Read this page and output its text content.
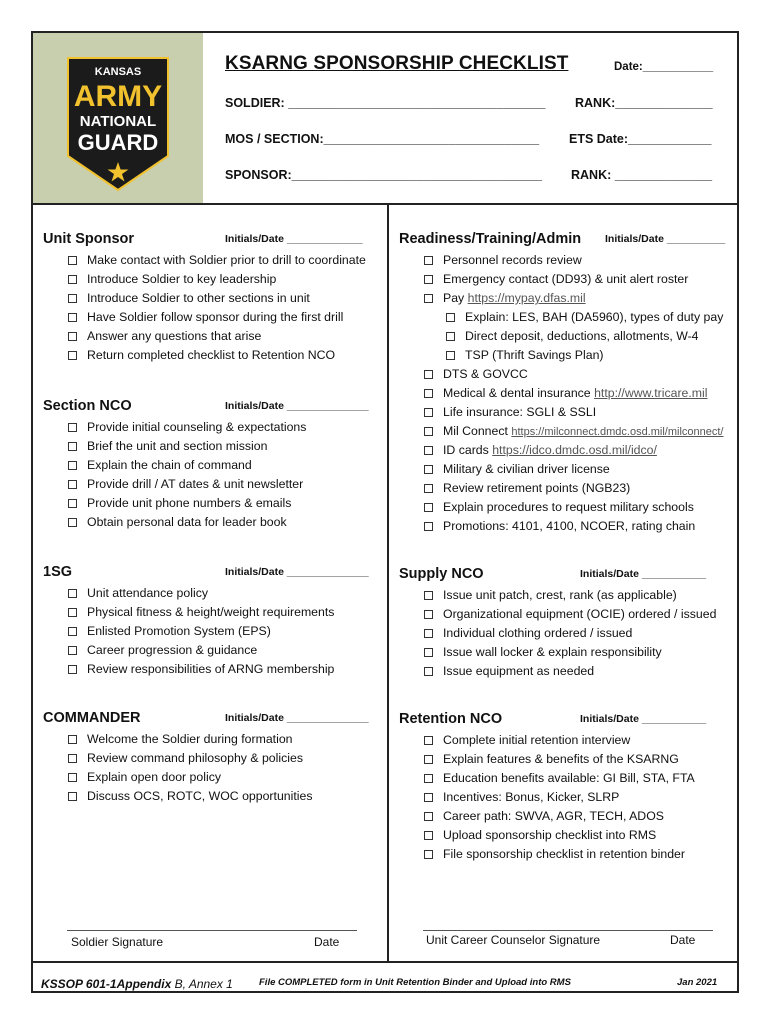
KANSAS
ARMY
NATIONAL
GUARD
KSARNG SPONSORSHIP CHECKLIST	Date:___________
SOLDIER: _____________________________________ RANK:______________
MOS / SECTION:_______________________________ ETS Date:____________
SPONSOR:____________________________________ RANK: ______________
Unit Sponsor	Initials/Date _____________
Make contact with Soldier prior to drill to coordinate
Introduce Soldier to key leadership
Introduce Soldier to other sections in unit
Have Soldier follow sponsor during the first drill
Answer any questions that arise
Return completed checklist to Retention NCO
Section NCO	Initials/Date ______________
Provide initial counseling & expectations
Brief the unit and section mission
Explain the chain of command
Provide drill / AT dates & unit newsletter
Provide unit phone numbers & emails
Obtain personal data for leader book
1SG	Initials/Date ______________
Unit attendance policy
Physical fitness & height/weight requirements
Enlisted Promotion System (EPS)
Career progression & guidance
Review responsibilities of ARNG membership
COMMANDER	Initials/Date ______________
Welcome the Soldier during formation
Review command philosophy & policies
Explain open door policy
Discuss OCS, ROTC, WOC opportunities
Readiness/Training/Admin Initials/Date __________
Personnel records review
Emergency contact (DD93) & unit alert roster
Pay https://mypay.dfas.mil
Explain: LES, BAH (DA5960), types of duty pay
Direct deposit, deductions, allotments, W-4
TSP (Thrift Savings Plan)
DTS & GOVCC
Medical & dental insurance http://www.tricare.mil
Life insurance: SGLI & SSLI
Mil Connect https://milconnect.dmdc.osd.mil/milconnect/
ID cards https://idco.dmdc.osd.mil/idco/
Military & civilian driver license
Review retirement points (NGB23)
Explain procedures to request military schools
Promotions: 4101, 4100, NCOER, rating chain
Supply NCO	Initials/Date ___________
Issue unit patch, crest, rank (as applicable)
Organizational equipment (OCIE) ordered / issued
Individual clothing ordered / issued
Issue wall locker & explain responsibility
Issue equipment as needed
Retention NCO	Initials/Date ___________
Complete initial retention interview
Explain features & benefits of the KSARNG
Education benefits available: GI Bill, STA, FTA
Incentives: Bonus, Kicker, SLRP
Career path: SWVA, AGR, TECH, ADOS
Upload sponsorship checklist into RMS
File sponsorship checklist in retention binder
Soldier Signature	Date	Unit Career Counselor Signature	Date
KSSOP 601-1Appendix B, Annex 1	File COMPLETED form in Unit Retention Binder and Upload into RMS	Jan 2021
